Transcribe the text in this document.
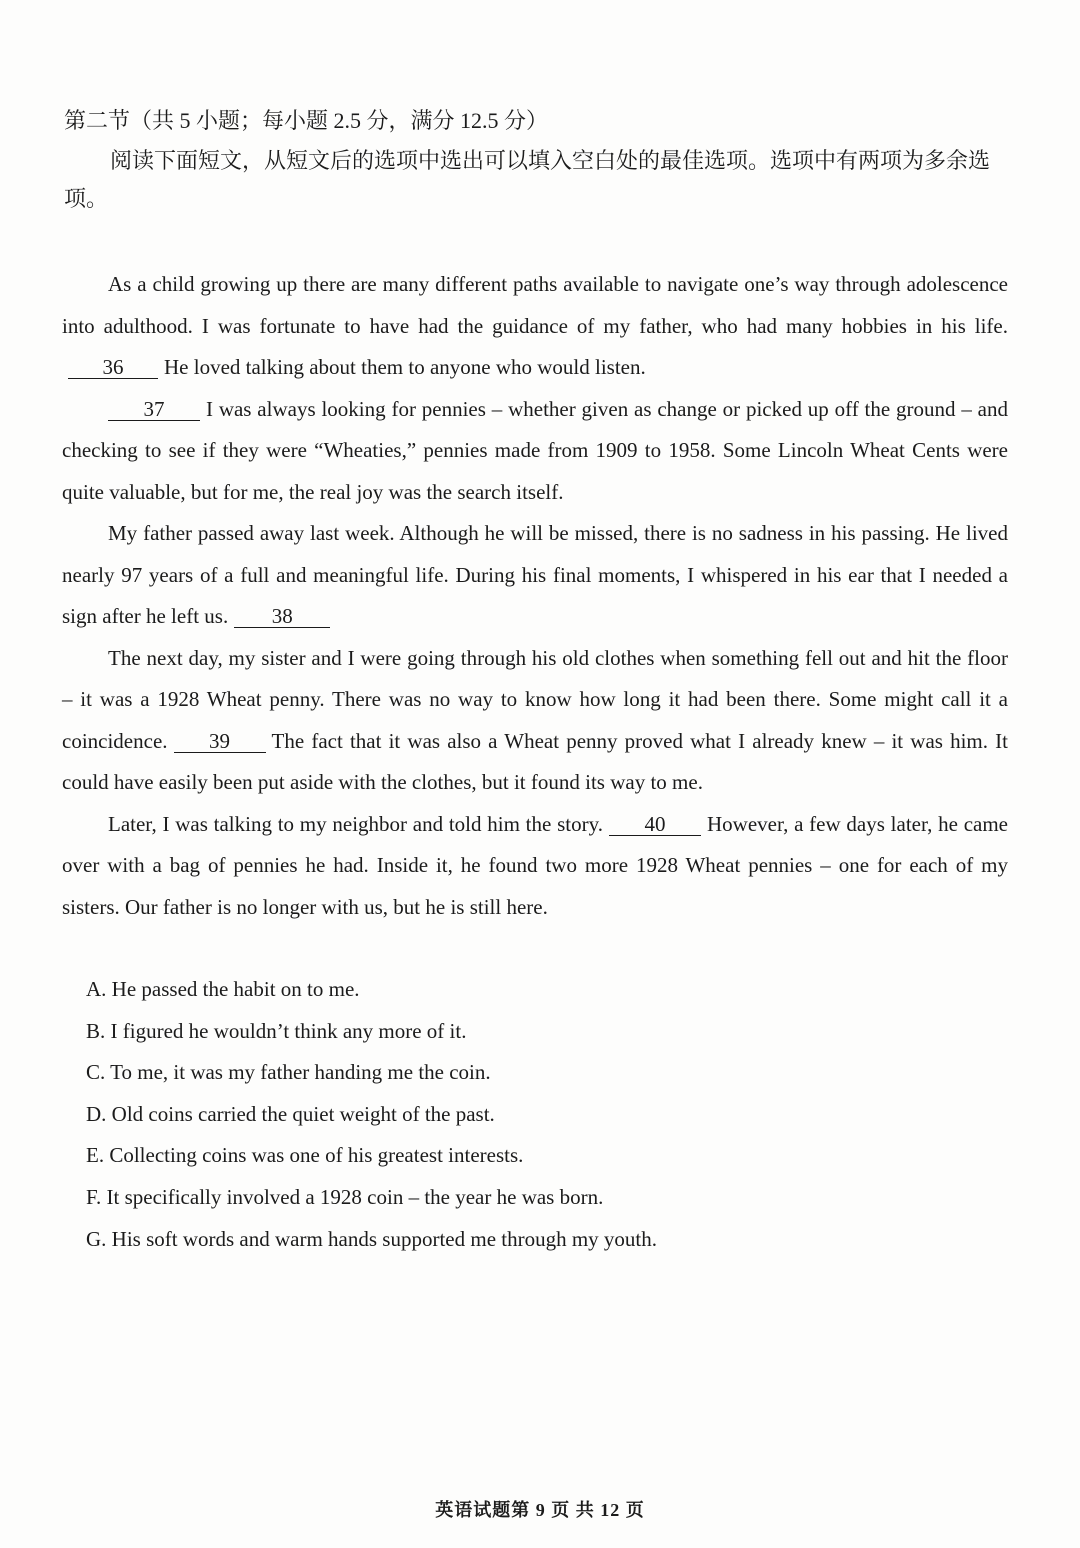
第二节（共 5 小题；每小题 2.5 分，满分 12.5 分）
阅读下面短文，从短文后的选项中选出可以填入空白处的最佳选项。选项中有两项为多余选项。

As a child growing up there are many different paths available to navigate one’s way through adolescence into adulthood. I was fortunate to have had the guidance of my father, who had many hobbies in his life.36 He loved talking about them to anyone who would listen.

37 I was always looking for pennies – whether given as change or picked up off the ground – and checking to see if they were “Wheaties,” pennies made from 1909 to 1958. Some Lincoln Wheat Cents were quite valuable, but for me, the real joy was the search itself.

My father passed away last week. Although he will be missed, there is no sadness in his passing. He lived nearly 97 years of a full and meaningful life. During his final moments, I whispered in his ear that I needed a sign after he left us. 38

The next day, my sister and I were going through his old clothes when something fell out and hit the floor – it was a 1928 Wheat penny. There was no way to know how long it had been there. Some might call it a coincidence. 39 The fact that it was also a Wheat penny proved what I already knew – it was him. It could have easily been put aside with the clothes, but it found its way to me.

Later, I was talking to my neighbor and told him the story. 40 However, a few days later, he came over with a bag of pennies he had. Inside it, he found two more 1928 Wheat pennies – one for each of my sisters. Our father is no longer with us, but he is still here.

A. He passed the habit on to me.
B. I figured he wouldn’t think any more of it.
C. To me, it was my father handing me the coin.
D. Old coins carried the quiet weight of the past.
E. Collecting coins was one of his greatest interests.
F. It specifically involved a 1928 coin – the year he was born.
G. His soft words and warm hands supported me through my youth.
英语试题第 9 页 共 12 页
